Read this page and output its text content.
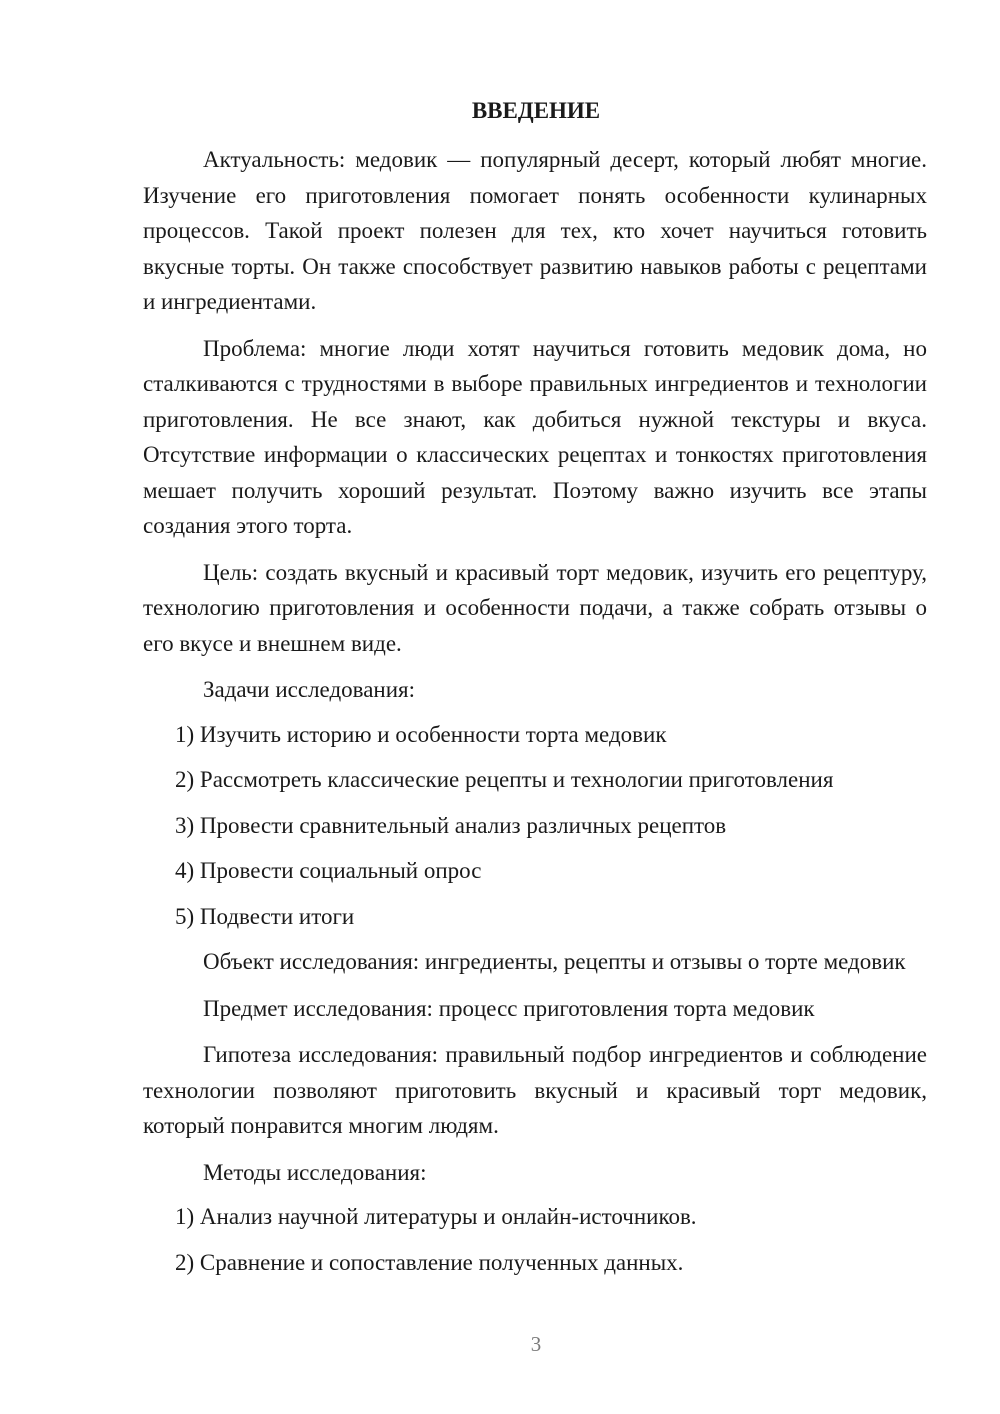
ВВЕДЕНИЕ

Актуальность: медовик — популярный десерт, который любят многие. Изучение его приготовления помогает понять особенности кулинарных процессов. Такой проект полезен для тех, кто хочет научиться готовить вкусные торты. Он также способствует развитию навыков работы с рецептами и ингредиентами.

Проблема: многие люди хотят научиться готовить медовик дома, но сталкиваются с трудностями в выборе правильных ингредиентов и технологии приготовления. Не все знают, как добиться нужной текстуры и вкуса. Отсутствие информации о классических рецептах и тонкостях приготовления мешает получить хороший результат. Поэтому важно изучить все этапы создания этого торта.

Цель: создать вкусный и красивый торт медовик, изучить его рецептуру, технологию приготовления и особенности подачи, а также собрать отзывы о его вкусе и внешнем виде.

Задачи исследования:

1) Изучить историю и особенности торта медовик

2) Рассмотреть классические рецепты и технологии приготовления

3) Провести сравнительный анализ различных рецептов

4) Провести социальный опрос

5) Подвести итоги

Объект исследования: ингредиенты, рецепты и отзывы о торте медовик

Предмет исследования: процесс приготовления торта медовик

Гипотеза исследования: правильный подбор ингредиентов и соблюдение технологии позволяют приготовить вкусный и красивый торт медовик, который понравится многим людям.

Методы исследования:

1) Анализ научной литературы и онлайн-источников.

2) Сравнение и сопоставление полученных данных.

3
